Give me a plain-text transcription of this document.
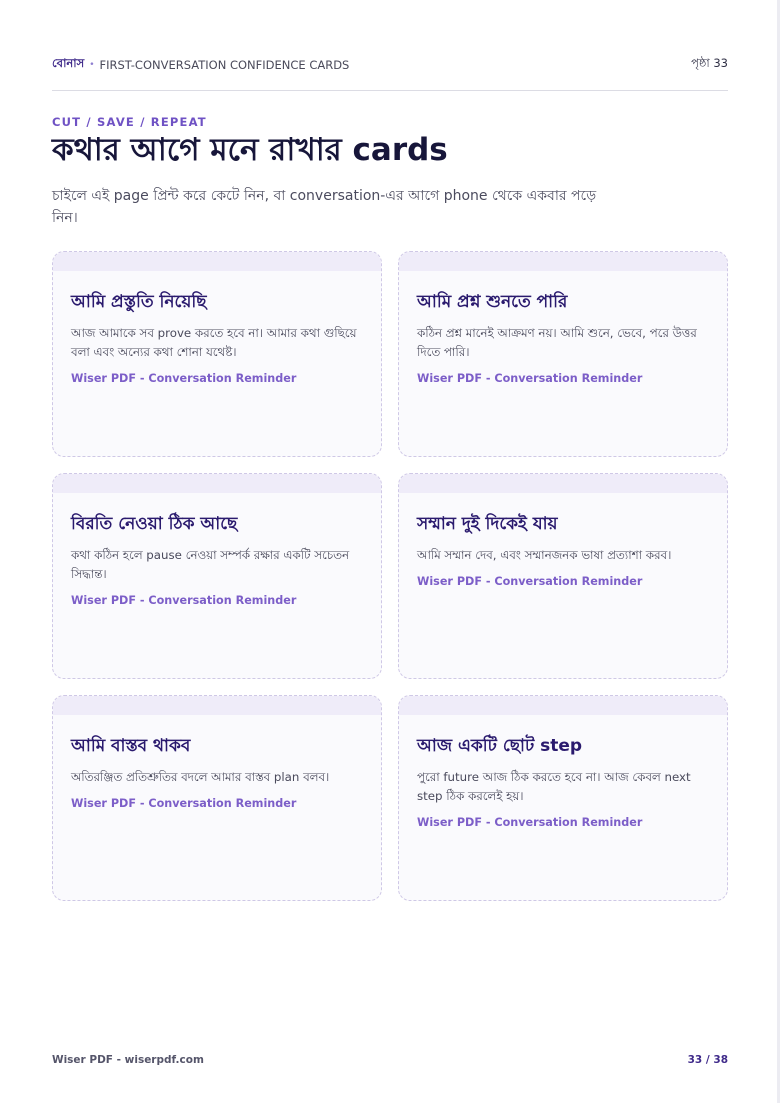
বোনাস • FIRST-CONVERSATION CONFIDENCE CARDS	পৃষ্ঠা 33
CUT / SAVE / REPEAT
কথার আগে মনে রাখার cards

চাইলে এই page প্রিন্ট করে কেটে নিন, বা conversation-এর আগে phone থেকে একবার পড়ে নিন।

আমি প্রস্তুতি নিয়েছি

আজ আমাকে সব prove করতে হবে না। আমার কথা গুছিয়ে বলা এবং অন্যের কথা শোনা যথেষ্ট।

Wiser PDF - Conversation Reminder
আমি প্রশ্ন শুনতে পারি

কঠিন প্রশ্ন মানেই আক্রমণ নয়। আমি শুনে, ভেবে, পরে উত্তর দিতে পারি।

Wiser PDF - Conversation Reminder
বিরতি নেওয়া ঠিক আছে

কথা কঠিন হলে pause নেওয়া সম্পর্ক রক্ষার একটি সচেতন সিদ্ধান্ত।

Wiser PDF - Conversation Reminder
সম্মান দুই দিকেই যায়

আমি সম্মান দেব, এবং সম্মানজনক ভাষা প্রত্যাশা করব।

Wiser PDF - Conversation Reminder
আমি বাস্তব থাকব

অতিরঞ্জিত প্রতিশ্রুতির বদলে আমার বাস্তব plan বলব।

Wiser PDF - Conversation Reminder
আজ একটি ছোট step

পুরো future আজ ঠিক করতে হবে না। আজ কেবল next step ঠিক করলেই হয়।

Wiser PDF - Conversation Reminder
Wiser PDF - wiserpdf.com	33 / 38
